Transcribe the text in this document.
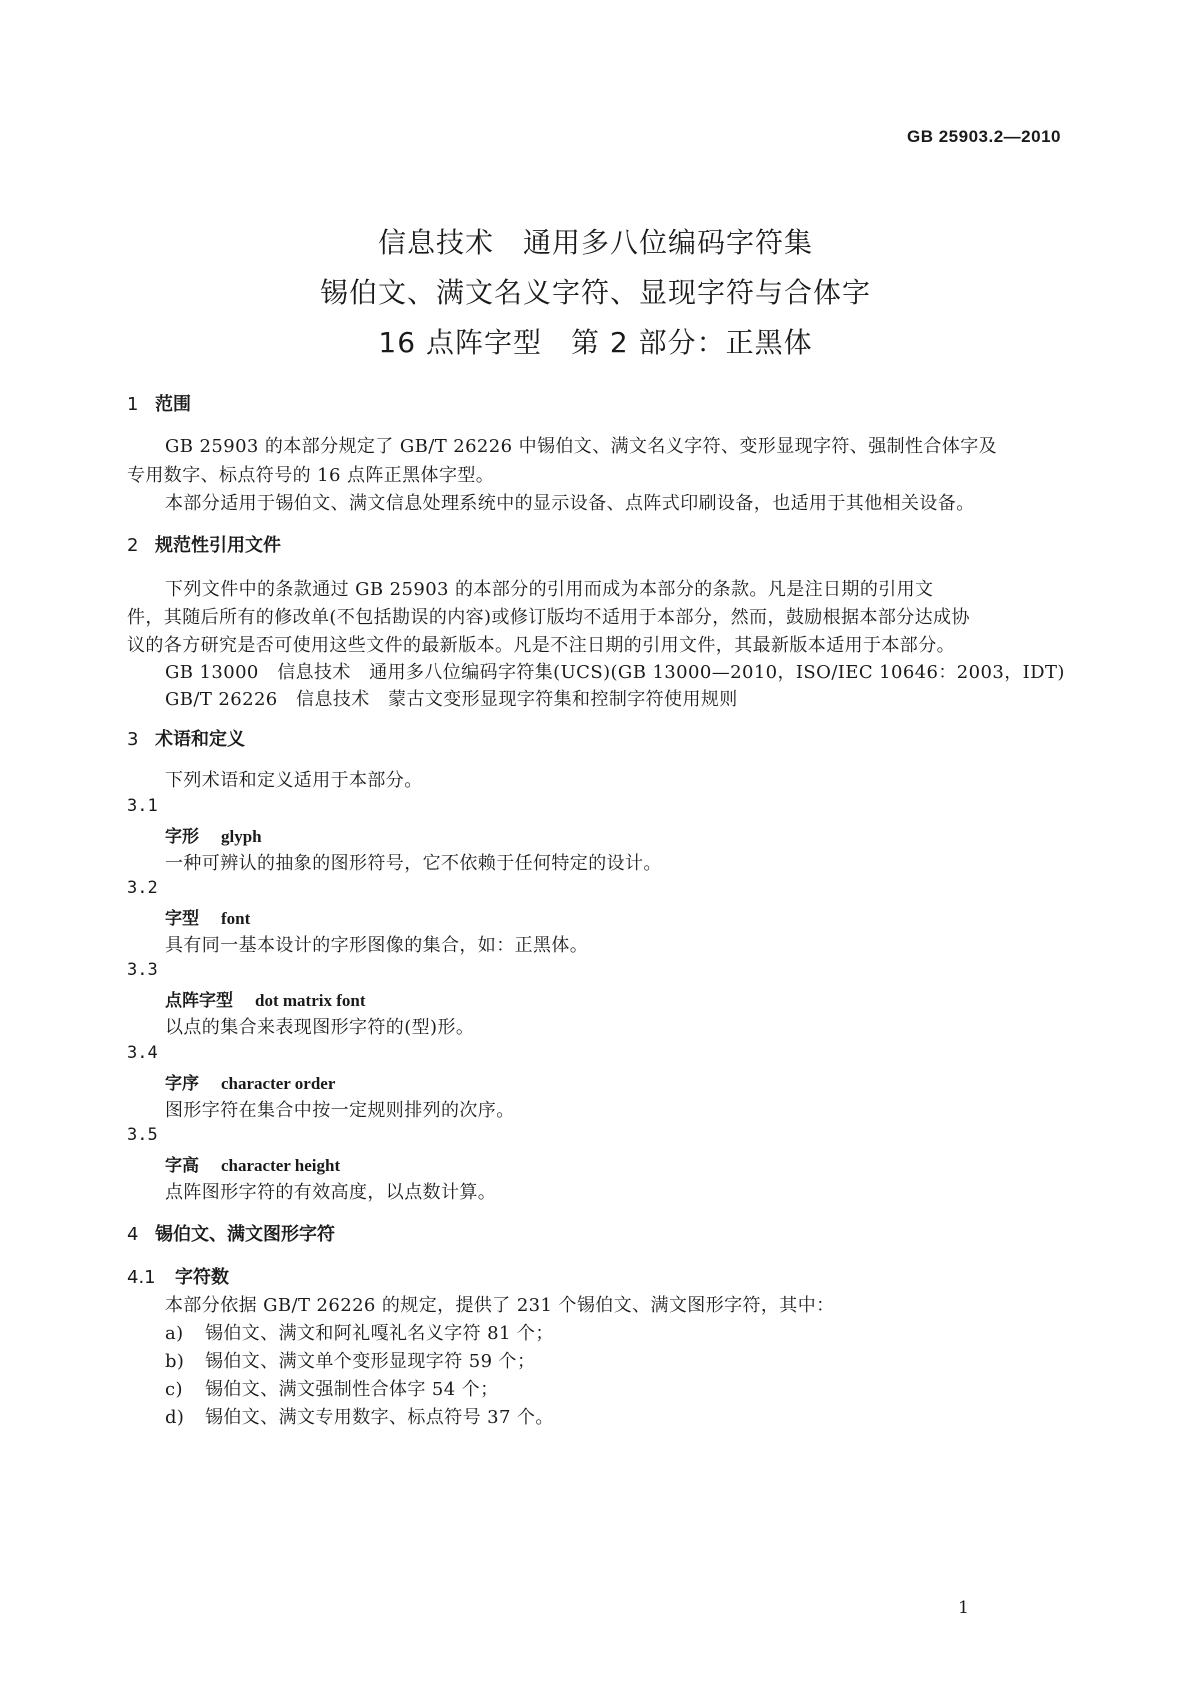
GB 25903.2—2010
信息技术　通用多八位编码字符集
锡伯文、满文名义字符、显现字符与合体字
16 点阵字型　第 2 部分：正黑体
1 范围
GB 25903 的本部分规定了 GB/T 26226 中锡伯文、满文名义字符、变形显现字符、强制性合体字及
专用数字、标点符号的 16 点阵正黑体字型。
本部分适用于锡伯文、满文信息处理系统中的显示设备、点阵式印刷设备，也适用于其他相关设备。
2 规范性引用文件
下列文件中的条款通过 GB 25903 的本部分的引用而成为本部分的条款。凡是注日期的引用文
件，其随后所有的修改单(不包括勘误的内容)或修订版均不适用于本部分，然而，鼓励根据本部分达成协
议的各方研究是否可使用这些文件的最新版本。凡是不注日期的引用文件，其最新版本适用于本部分。
GB 13000　信息技术　通用多八位编码字符集(UCS)(GB 13000—2010，ISO/IEC 10646：2003，IDT)
GB/T 26226　信息技术　蒙古文变形显现字符集和控制字符使用规则
3 术语和定义
下列术语和定义适用于本部分。
3.1
字形 glyph
一种可辨认的抽象的图形符号，它不依赖于任何特定的设计。
3.2
字型 font
具有同一基本设计的字形图像的集合，如：正黑体。
3.3
点阵字型 dot matrix font
以点的集合来表现图形字符的(型)形。
3.4
字序 character order
图形字符在集合中按一定规则排列的次序。
3.5
字高 character height
点阵图形字符的有效高度，以点数计算。
4 锡伯文、满文图形字符
4.1 字符数
本部分依据 GB/T 26226 的规定，提供了 231 个锡伯文、满文图形字符，其中：
a) 锡伯文、满文和阿礼嘎礼名义字符 81 个；
b) 锡伯文、满文单个变形显现字符 59 个；
c) 锡伯文、满文强制性合体字 54 个；
d) 锡伯文、满文专用数字、标点符号 37 个。
1
